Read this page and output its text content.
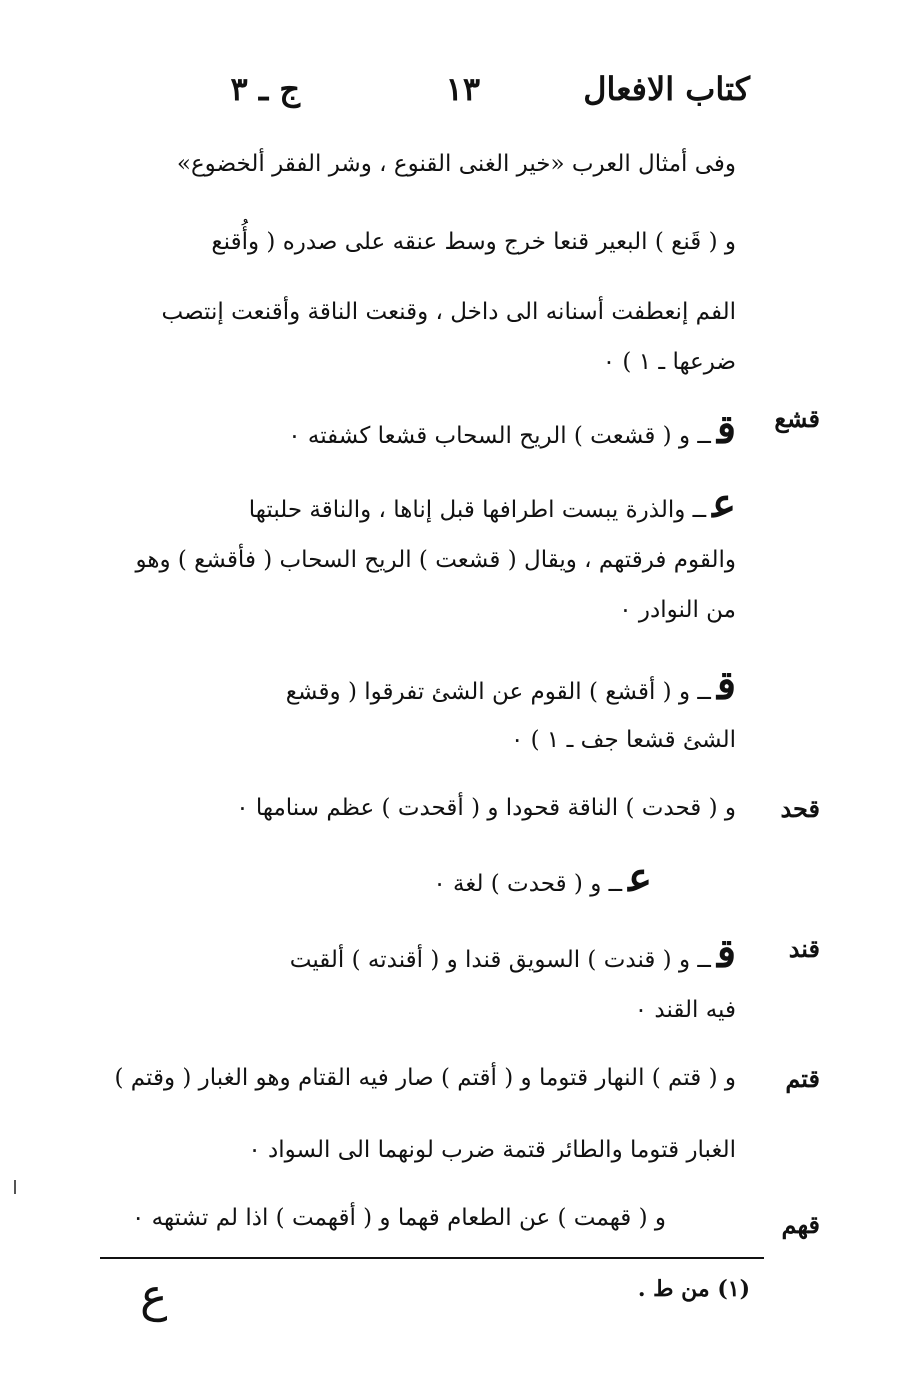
كتاب الافعال
١٣
ج ـ ٣
وفى أمثال العرب «خير الغنى القنوع ، وشر الفقر ألخضوع»
و ( قَنع ) البعير قنعا خرج وسط عنقه على صدره ( وأُقنع
الفم إنعطفت أسنانه الى داخل ، وقنعت الناقة وأقنعت إنتصب
ضرعها ـ ١ ) ٠
قشع
قــ و ( قشعت ) الريح السحاب قشعا كشفته ٠
عــ والذرة يبست اطرافها قبل إناها ، والناقة حلبتها
والقوم فرقتهم ، ويقال ( قشعت ) الريح السحاب ( فأقشع ) وهو
من النوادر ٠
قــ و ( أقشع ) القوم عن الشئ تفرقوا ( وقشع
الشئ قشعا جف ـ ١ ) ٠
قحد
و ( قحدت ) الناقة قحودا و ( أقحدت ) عظم سنامها ٠
عــ و ( قحدت ) لغة ٠
قند
قــ و ( قندت ) السويق قندا و ( أقندته ) ألقيت
فيه القند ٠
قتم
و ( قتم ) النهار قتوما و ( أقتم ) صار فيه القتام وهو الغبار ( وقتم )
الغبار قتوما والطائر قتمة ضرب لونهما الى السواد ٠
قهم
و ( قهمت ) عن الطعام قهما و ( أقهمت ) اذا لم تشتهه ٠
(١) من ط .
ع
